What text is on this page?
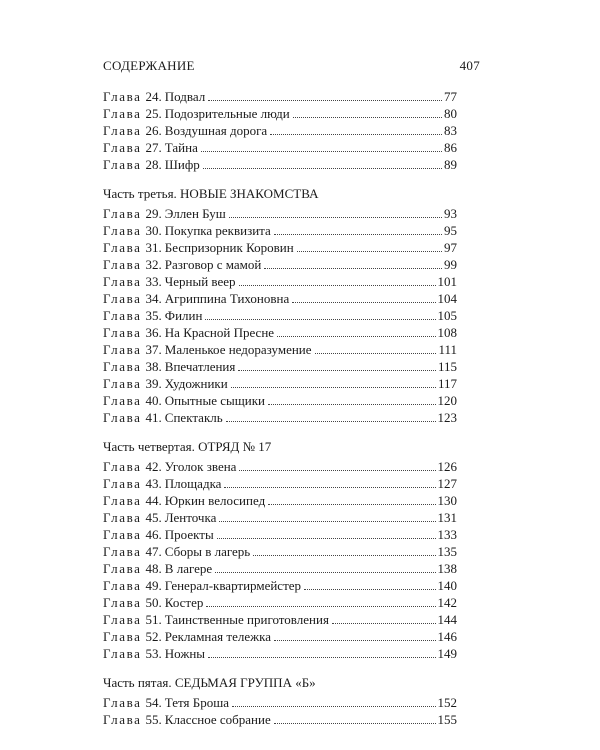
СОДЕРЖАНИЕ	407
Глава 24. Подвал	77
Глава 25. Подозрительные люди	80
Глава 26. Воздушная дорога	83
Глава 27. Тайна	86
Глава 28. Шифр	89
Часть третья. НОВЫЕ ЗНАКОМСТВА
Глава 29. Эллен Буш	93
Глава 30. Покупка реквизита	95
Глава 31. Беспризорник Коровин	97
Глава 32. Разговор с мамой	99
Глава 33. Черный веер	101
Глава 34. Агриппина Тихоновна	104
Глава 35. Филин	105
Глава 36. На Красной Пресне	108
Глава 37. Маленькое недоразумение	111
Глава 38. Впечатления	115
Глава 39. Художники	117
Глава 40. Опытные сыщики	120
Глава 41. Спектакль	123
Часть четвертая. ОТРЯД № 17
Глава 42. Уголок звена	126
Глава 43. Площадка	127
Глава 44. Юркин велосипед	130
Глава 45. Ленточка	131
Глава 46. Проекты	133
Глава 47. Сборы в лагерь	135
Глава 48. В лагере	138
Глава 49. Генерал-квартирмейстер	140
Глава 50. Костер	142
Глава 51. Таинственные приготовления	144
Глава 52. Рекламная тележка	146
Глава 53. Ножны	149
Часть пятая. СЕДЬМАЯ ГРУППА «Б»
Глава 54. Тетя Броша	152
Глава 55. Классное собрание	155
